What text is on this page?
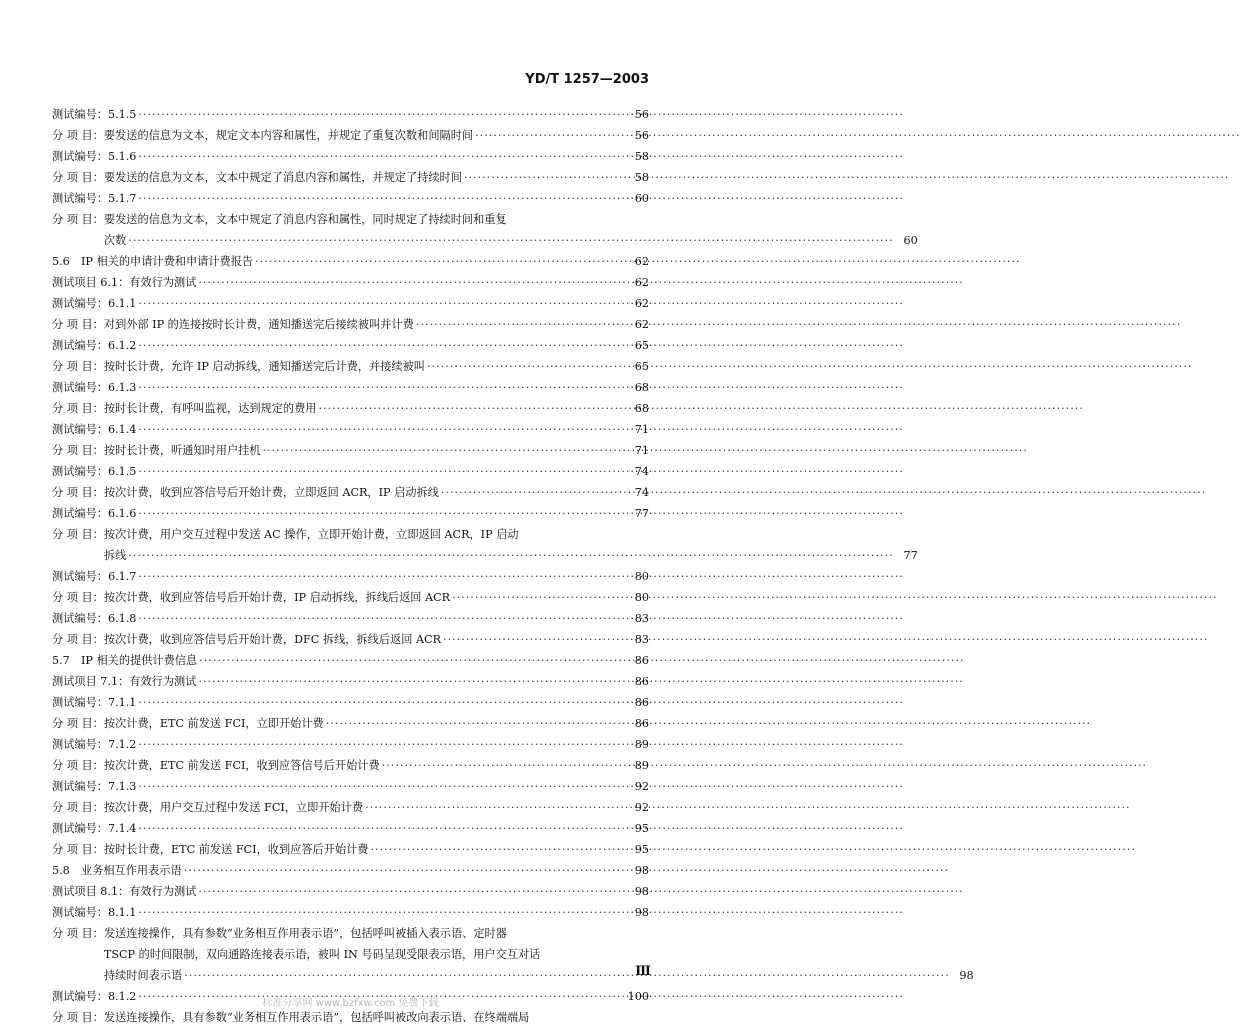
YD/T 1257—2003
测试编号： 5.1.5 ·····	56
分 项 目： 要发送的信息为文本，规定文本内容和属性，并规定了重复次数和间隔时间 ·····	56
测试编号： 5.1.6 ·····	58
分 项 目： 要发送的信息为文本，文本中规定了消息内容和属性，并规定了持续时间 ·····	58
测试编号： 5.1.7 ·····	60
分 项 目： 要发送的信息为文本，文本中规定了消息内容和属性，同时规定了持续时间和重复
次数 ·····	60
5.6　IP 相关的申请计费和申请计费报告 ·····	62
测试项目 6.1：有效行为测试 ·····	62
测试编号： 6.1.1 ·····	62
分 项 目： 对到外部 IP 的连接按时长计费，通知播送完后接续被叫并计费 ·····	62
测试编号： 6.1.2 ·····	65
分 项 目： 按时长计费，允许 IP 启动拆线，通知播送完后计费，并接续被叫 ·····	65
测试编号： 6.1.3 ·····	68
分 项 目： 按时长计费，有呼叫监视，达到规定的费用 ·····	68
测试编号： 6.1.4 ·····	71
分 项 目： 按时长计费，听通知时用户挂机 ·····	71
测试编号： 6.1.5 ·····	74
分 项 目： 按次计费，收到应答信号后开始计费，立即返回 ACR，IP 启动拆线 ·····	74
测试编号： 6.1.6 ·····	77
分 项 目： 按次计费，用户交互过程中发送 AC 操作，立即开始计费，立即返回 ACR，IP 启动
拆线 ·····	77
测试编号： 6.1.7 ·····	80
分 项 目： 按次计费，收到应答信号后开始计费，IP 启动拆线，拆线后返回 ACR ·····	80
测试编号： 6.1.8 ·····	83
分 项 目： 按次计费，收到应答信号后开始计费，DFC 拆线，拆线后返回 ACR ·····	83
5.7　IP 相关的提供计费信息 ·····	86
测试项目 7.1：有效行为测试 ·····	86
测试编号： 7.1.1 ·····	86
分 项 目： 按次计费，ETC 前发送 FCI，立即开始计费 ·····	86
测试编号： 7.1.2 ·····	89
分 项 目： 按次计费，ETC 前发送 FCI，收到应答信号后开始计费 ·····	89
测试编号： 7.1.3 ·····	92
分 项 目： 按次计费，用户交互过程中发送 FCI，立即开始计费 ·····	92
测试编号： 7.1.4 ·····	95
分 项 目： 按时长计费，ETC 前发送 FCI，收到应答后开始计费 ·····	95
5.8　业务相互作用表示语 ·····	98
测试项目 8.1：有效行为测试 ·····	98
测试编号： 8.1.1 ·····	98
分 项 目： 发送连接操作，具有参数“业务相互作用表示语”，包括呼叫被插入表示语、定时器
TSCP 的时间限制，双向通路连接表示语，被叫 IN 号码呈现受限表示语，用户交互对话
持续时间表示语 ·····	98
测试编号： 8.1.2 ·····	100
分 项 目： 发送连接操作，具有参数“业务相互作用表示语”，包括呼叫被改向表示语、在终端端局
Ⅲ
标准分享网 www.bzfxw.com 免费下载
